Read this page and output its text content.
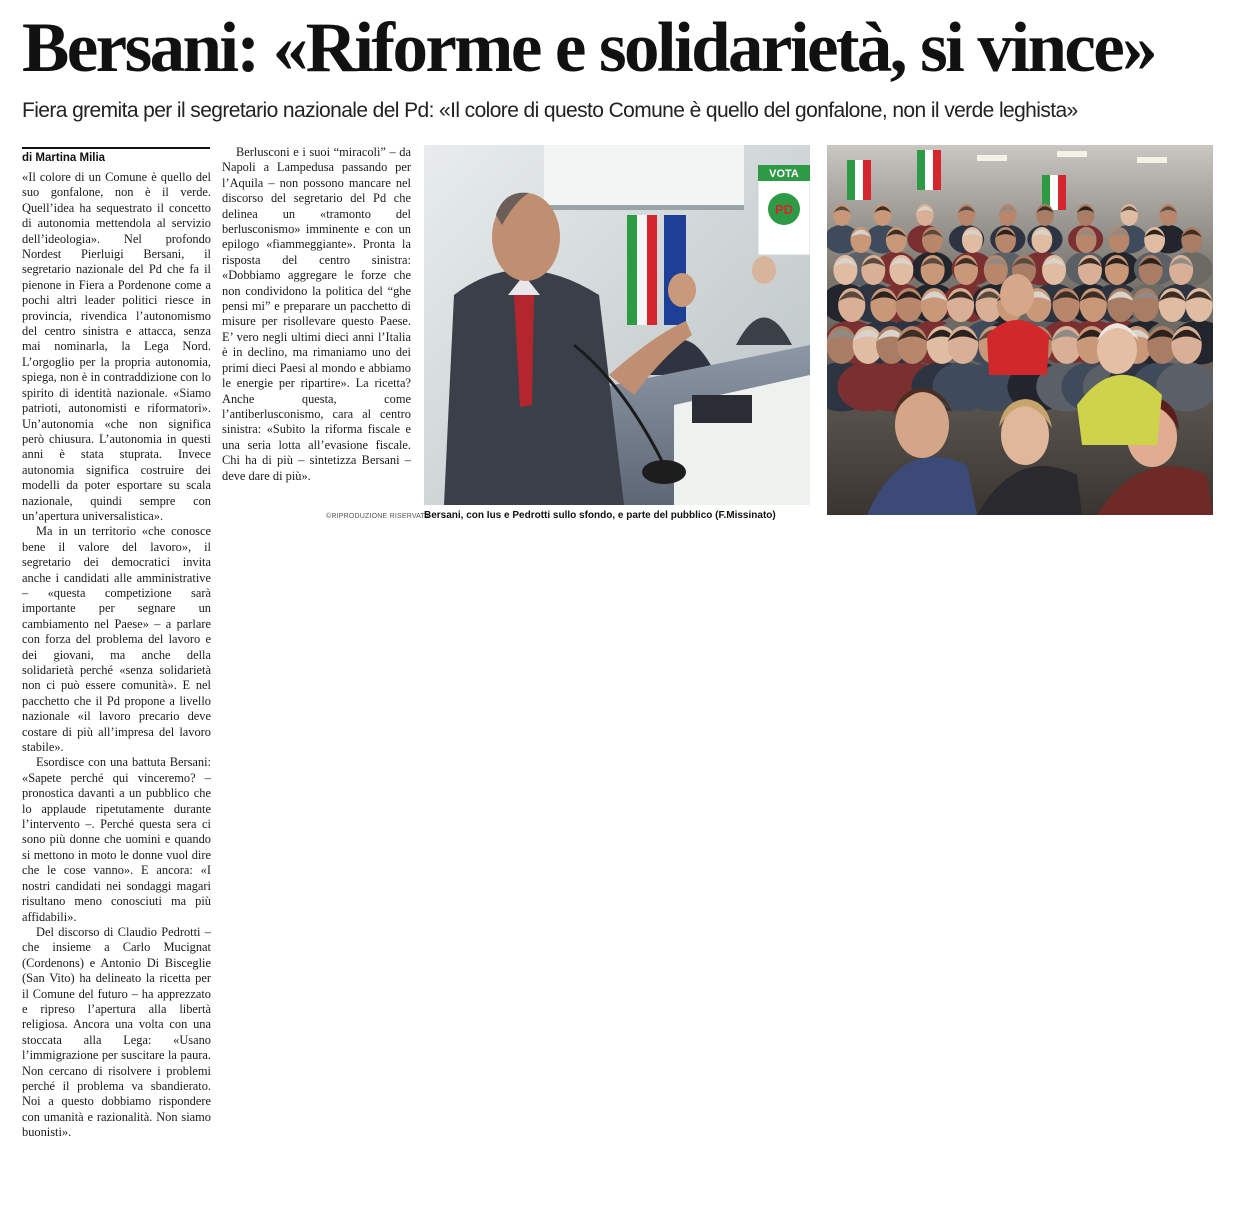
Bersani: «Riforme e solidarietà, si vince»
Fiera gremita per il segretario nazionale del Pd: «Il colore di questo Comune è quello del gonfalone, non il verde leghista»
di Martina Milia

«Il colore di un Comune è quello del suo gonfalone, non è il verde. Quell’idea ha sequestrato il concetto di autonomia mettendola al servizio dell’ideologia». Nel profondo Nordest Pierluigi Bersani, il segretario nazionale del Pd che fa il pienone in Fiera a Pordenone come a pochi altri leader politici riesce in provincia, rivendica l’autonomismo del centro sinistra e attacca, senza mai nominarla, la Lega Nord. L’orgoglio per la propria autonomia, spiega, non è in contraddizione con lo spirito di identità nazionale. «Siamo patrioti, autonomisti e riformatori». Un’autonomia «che non significa però chiusura. L’autonomia in questi anni è stata stuprata. Invece autonomia significa costruire dei modelli da poter esportare su scala nazionale, quindi sempre con un’apertura universalistica».

Ma in un territorio «che conosce bene il valore del lavoro», il segretario dei democratici invita anche i candidati alle amministrative – «questa competizione sarà importante per segnare un cambiamento nel Paese» – a parlare con forza del problema del lavoro e dei giovani, ma anche della solidarietà perché «senza solidarietà non ci può essere comunità». E nel pacchetto che il Pd propone a livello nazionale «il lavoro precario deve costare di più all’impresa del lavoro stabile».

Esordisce con una battuta Bersani: «Sapete perché qui vinceremo? – pronostica davanti a un pubblico che lo applaude ripetutamente durante l’intervento –. Perché questa sera ci sono più donne che uomini e quando si mettono in moto le donne vuol dire che le cose vanno». E ancora: «I nostri candidati nei sondaggi magari risultano meno conosciuti ma più affidabili».

Del discorso di Claudio Pedrotti – che insieme a Carlo Mucignat (Cordenons) e Antonio Di Bisceglie (San Vito) ha delineato la ricetta per il Comune del futuro – ha apprezzato e ripreso l’apertura alla libertà religiosa. Ancora una volta con una stoccata alla Lega: «Usano l’immigrazione per suscitare la paura. Non cercano di risolvere i problemi perché il problema va sbandierato. Noi a questo dobbiamo rispondere con umanità e razionalità. Non siamo buonisti».

Berlusconi e i suoi “miracoli” – da Napoli a Lampedusa passando per l’Aquila – non possono mancare nel discorso del segretario del Pd che delinea un «tramonto del berlusconismo» imminente e con un epilogo «fiammeggiante». Pronta la risposta del centro sinistra: «Dobbiamo aggregare le forze che non condividono la politica del “ghe pensi mi” e preparare un pacchetto di misure per risollevare questo Paese. E’ vero negli ultimi dieci anni l’Italia è in declino, ma rimaniamo uno dei primi dieci Paesi al mondo e abbiamo le energie per ripartire». La ricetta? Anche questa, come l’antiberlusconismo, cara al centro sinistra: «Subito la riforma fiscale e una seria lotta all’evasione fiscale. Chi ha di più – sintetizza Bersani – deve dare di più».

©RIPRODUZIONE RISERVATA
VOTA
PD
Bersani, con Ius e Pedrotti sullo sfondo, e parte del pubblico (F.Missinato)
